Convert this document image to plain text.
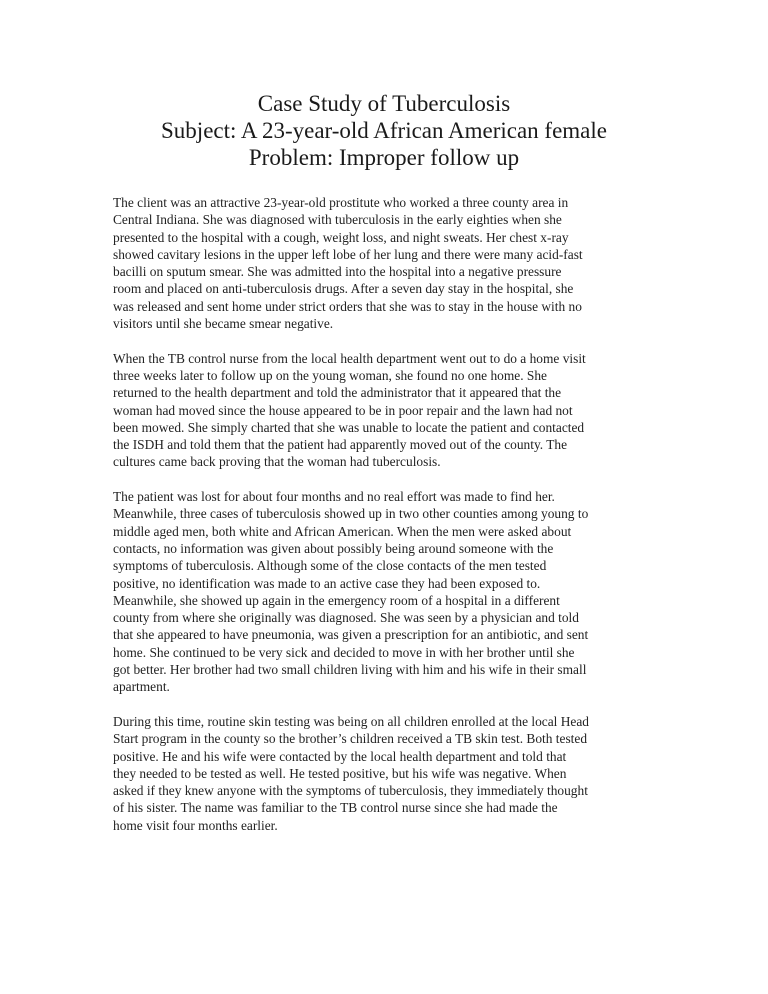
Case Study of Tuberculosis
Subject: A 23-year-old African American female
Problem: Improper follow up

The client was an attractive 23-year-old prostitute who worked a three county area in
Central Indiana. She was diagnosed with tuberculosis in the early eighties when she
presented to the hospital with a cough, weight loss, and night sweats. Her chest x-ray
showed cavitary lesions in the upper left lobe of her lung and there were many acid-fast
bacilli on sputum smear. She was admitted into the hospital into a negative pressure
room and placed on anti-tuberculosis drugs. After a seven day stay in the hospital, she
was released and sent home under strict orders that she was to stay in the house with no
visitors until she became smear negative.

When the TB control nurse from the local health department went out to do a home visit
three weeks later to follow up on the young woman, she found no one home. She
returned to the health department and told the administrator that it appeared that the
woman had moved since the house appeared to be in poor repair and the lawn had not
been mowed. She simply charted that she was unable to locate the patient and contacted
the ISDH and told them that the patient had apparently moved out of the county. The
cultures came back proving that the woman had tuberculosis.

The patient was lost for about four months and no real effort was made to find her.
Meanwhile, three cases of tuberculosis showed up in two other counties among young to
middle aged men, both white and African American. When the men were asked about
contacts, no information was given about possibly being around someone with the
symptoms of tuberculosis. Although some of the close contacts of the men tested
positive, no identification was made to an active case they had been exposed to.
Meanwhile, she showed up again in the emergency room of a hospital in a different
county from where she originally was diagnosed. She was seen by a physician and told
that she appeared to have pneumonia, was given a prescription for an antibiotic, and sent
home. She continued to be very sick and decided to move in with her brother until she
got better. Her brother had two small children living with him and his wife in their small
apartment.

During this time, routine skin testing was being on all children enrolled at the local Head
Start program in the county so the brother’s children received a TB skin test. Both tested
positive. He and his wife were contacted by the local health department and told that
they needed to be tested as well. He tested positive, but his wife was negative. When
asked if they knew anyone with the symptoms of tuberculosis, they immediately thought
of his sister. The name was familiar to the TB control nurse since she had made the
home visit four months earlier.
